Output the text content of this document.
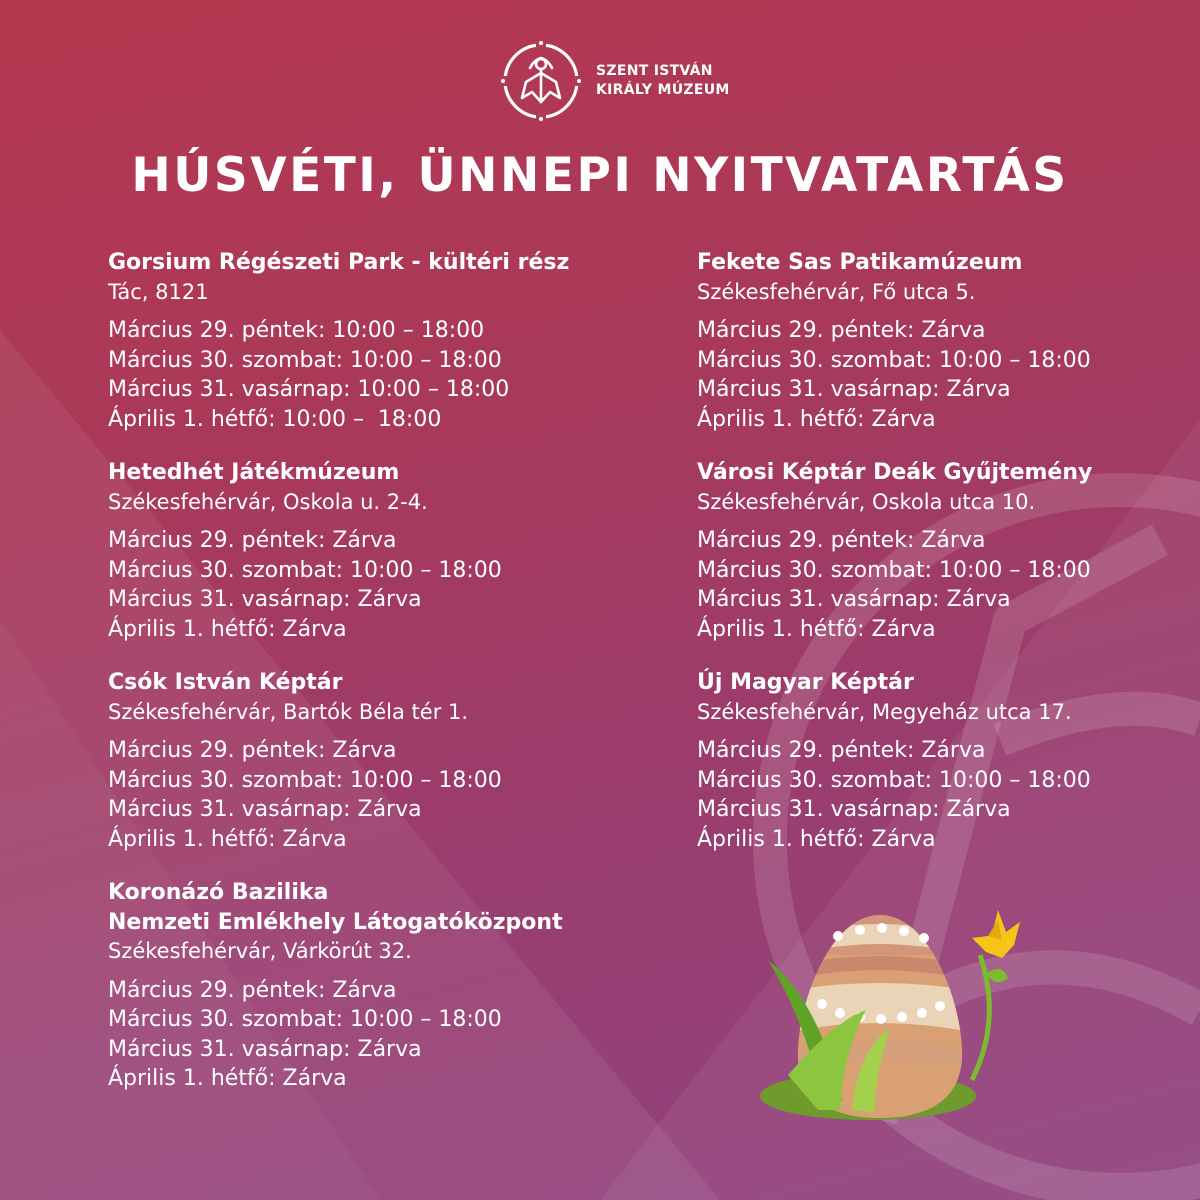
SZENT ISTVÁN
KIRÁLY MÚZEUM
HÚSVÉTI, ÜNNEPI NYITVATARTÁS
Gorsium Régészeti Park - kültéri rész
Tác, 8121
Március 29. péntek: 10:00 – 18:00
Március 30. szombat: 10:00 – 18:00
Március 31. vasárnap: 10:00 – 18:00
Április 1. hétfő: 10:00 –  18:00
Hetedhét Játékmúzeum
Székesfehérvár, Oskola u. 2-4.
Március 29. péntek: Zárva
Március 30. szombat: 10:00 – 18:00
Március 31. vasárnap: Zárva
Április 1. hétfő: Zárva
Csók István Képtár
Székesfehérvár, Bartók Béla tér 1.
Március 29. péntek: Zárva
Március 30. szombat: 10:00 – 18:00
Március 31. vasárnap: Zárva
Április 1. hétfő: Zárva
Koronázó Bazilika
Nemzeti Emlékhely Látogatóközpont
Székesfehérvár, Várkörút 32.
Március 29. péntek: Zárva
Március 30. szombat: 10:00 – 18:00
Március 31. vasárnap: Zárva
Április 1. hétfő: Zárva
Fekete Sas Patikamúzeum
Székesfehérvár, Fő utca 5.
Március 29. péntek: Zárva
Március 30. szombat: 10:00 – 18:00
Március 31. vasárnap: Zárva
Április 1. hétfő: Zárva
Városi Képtár Deák Gyűjtemény
Székesfehérvár, Oskola utca 10.
Március 29. péntek: Zárva
Március 30. szombat: 10:00 – 18:00
Március 31. vasárnap: Zárva
Április 1. hétfő: Zárva
Új Magyar Képtár
Székesfehérvár, Megyeház utca 17.
Március 29. péntek: Zárva
Március 30. szombat: 10:00 – 18:00
Március 31. vasárnap: Zárva
Április 1. hétfő: Zárva
